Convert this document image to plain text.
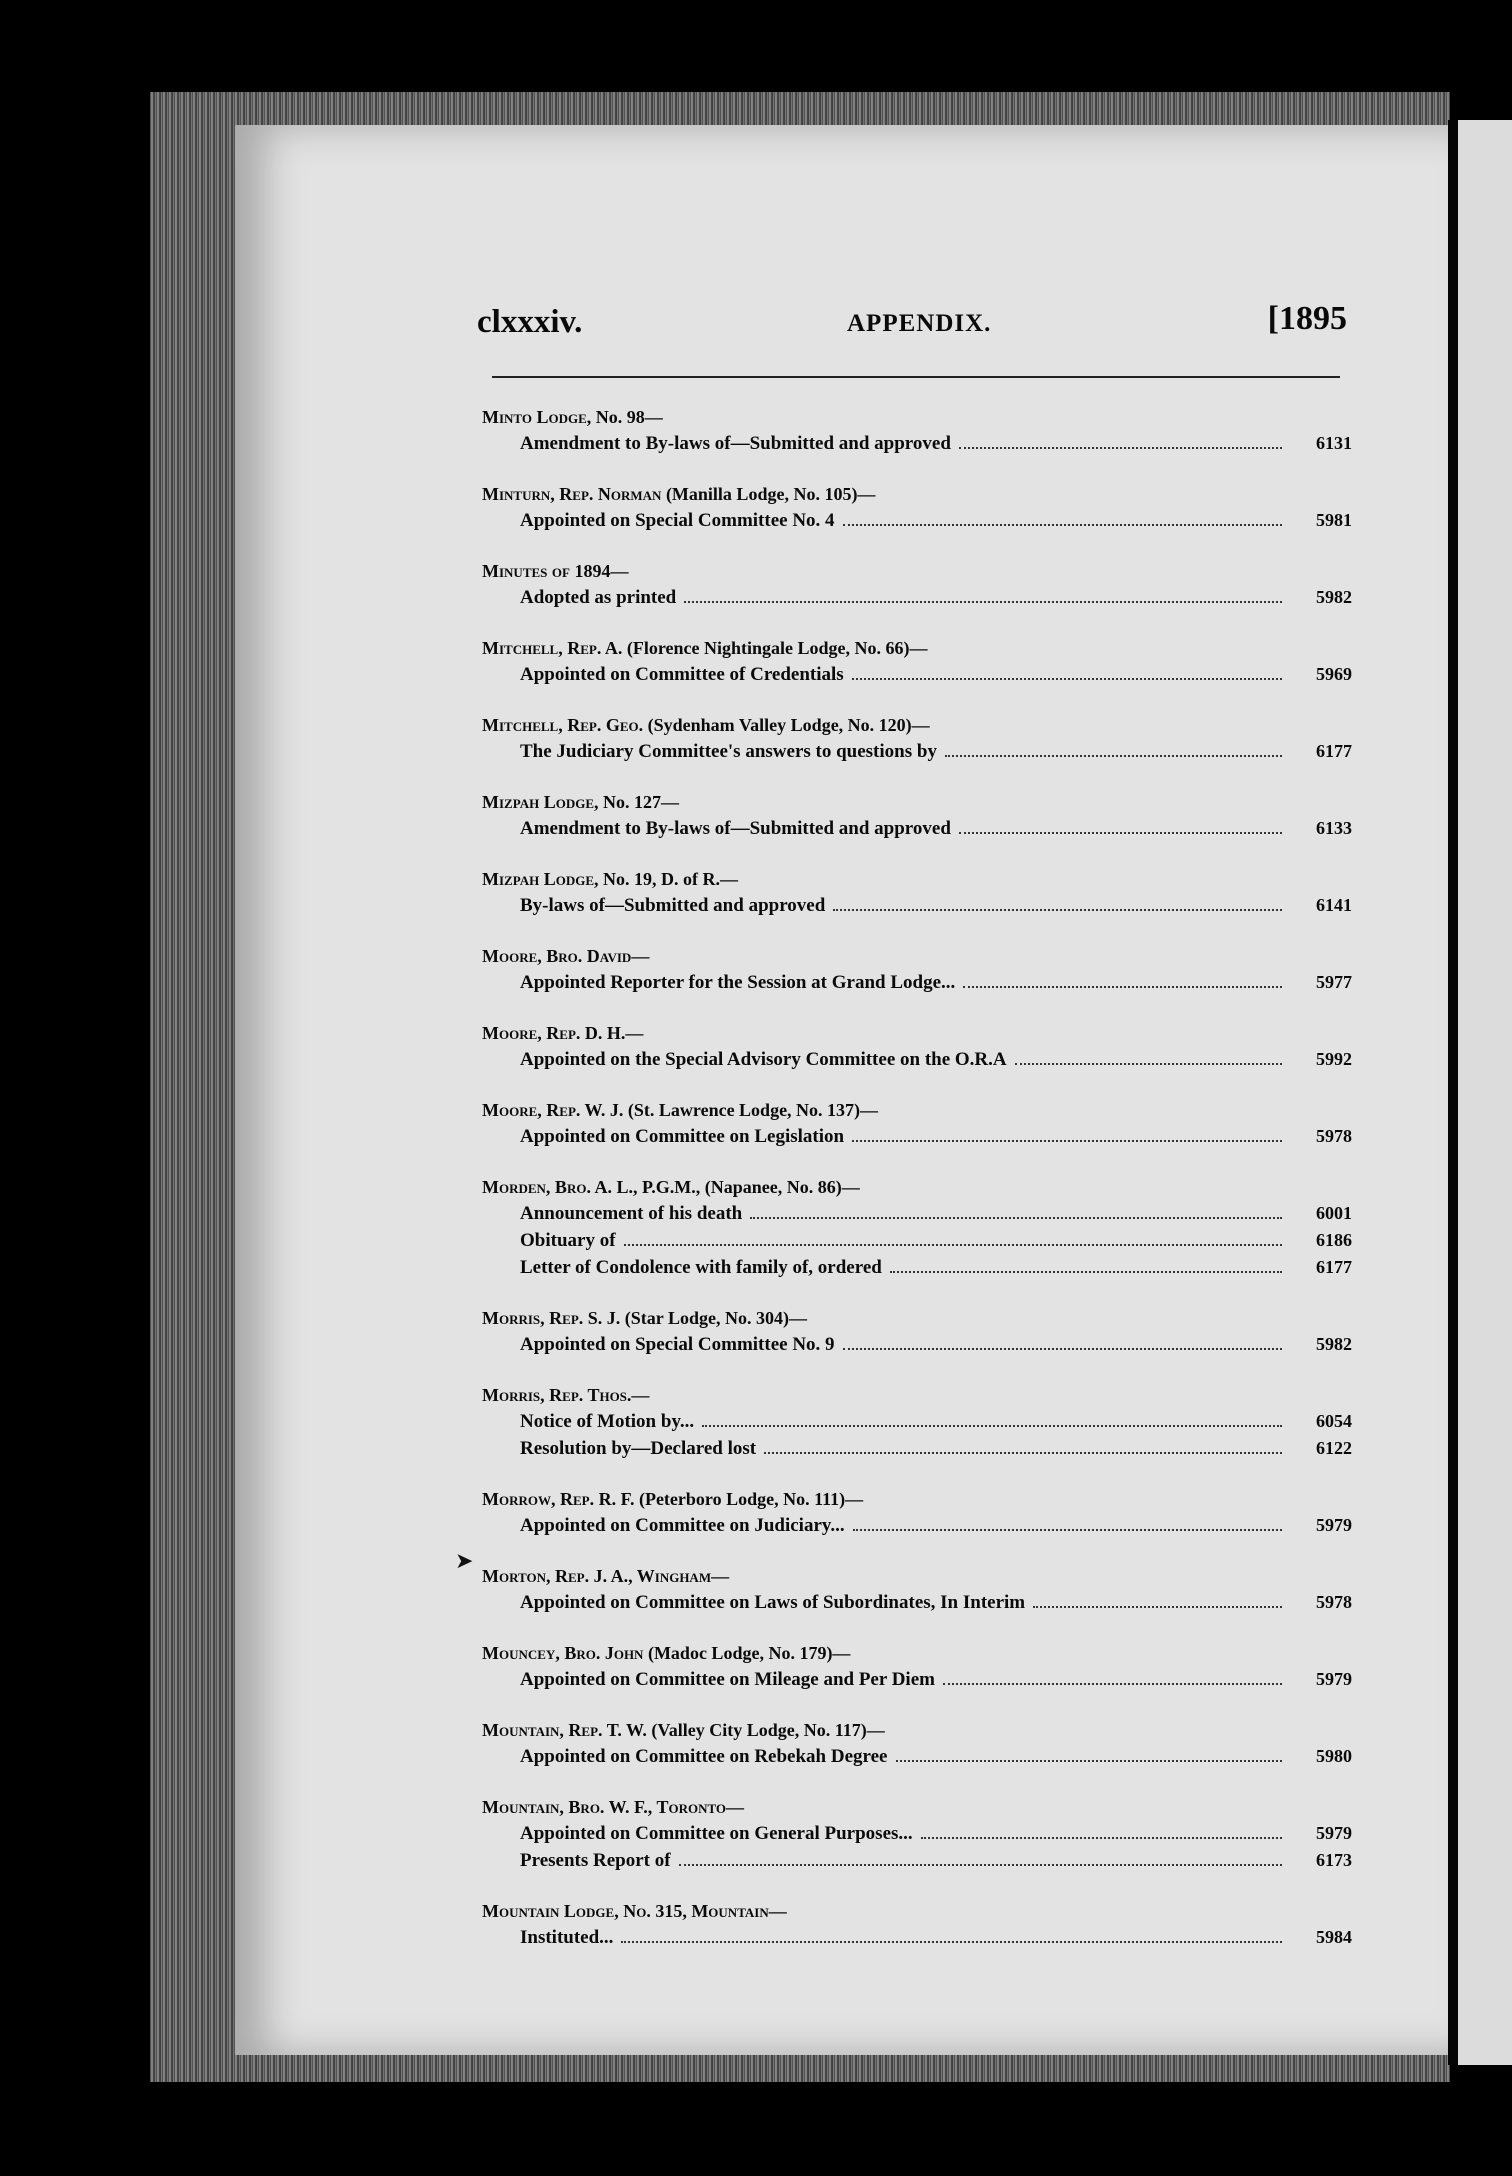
clxxxiv.	APPENDIX.	[1895
Minto Lodge, No. 98—
Amendment to By-laws of—Submitted and approved	6131
Minturn, Rep. Norman (Manilla Lodge, No. 105)—
Appointed on Special Committee No. 4	5981
Minutes of 1894—
Adopted as printed	5982
Mitchell, Rep. A. (Florence Nightingale Lodge, No. 66)—
Appointed on Committee of Credentials	5969
Mitchell, Rep. Geo. (Sydenham Valley Lodge, No. 120)—
The Judiciary Committee's answers to questions by	6177
Mizpah Lodge, No. 127—
Amendment to By-laws of—Submitted and approved	6133
Mizpah Lodge, No. 19, D. of R.—
By-laws of—Submitted and approved	6141
Moore, Bro. David—
Appointed Reporter for the Session at Grand Lodge...	5977
Moore, Rep. D. H.—
Appointed on the Special Advisory Committee on the O.R.A	5992
Moore, Rep. W. J. (St. Lawrence Lodge, No. 137)—
Appointed on Committee on Legislation	5978
Morden, Bro. A. L., P.G.M., (Napanee, No. 86)—
Announcement of his death	6001
Obituary of	6186
Letter of Condolence with family of, ordered	6177
Morris, Rep. S. J. (Star Lodge, No. 304)—
Appointed on Special Committee No. 9	5982
Morris, Rep. Thos.—
Notice of Motion by...	6054
Resolution by—Declared lost	6122
Morrow, Rep. R. F. (Peterboro Lodge, No. 111)—
Appointed on Committee on Judiciary...	5979
Morton, Rep. J. A., Wingham—
Appointed on Committee on Laws of Subordinates, In Interim	5978
Mouncey, Bro. John (Madoc Lodge, No. 179)—
Appointed on Committee on Mileage and Per Diem	5979
Mountain, Rep. T. W. (Valley City Lodge, No. 117)—
Appointed on Committee on Rebekah Degree	5980
Mountain, Bro. W. F., Toronto—
Appointed on Committee on General Purposes...	5979
Presents Report of	6173
Mountain Lodge, No. 315, Mountain—
Instituted...	5984
➤
